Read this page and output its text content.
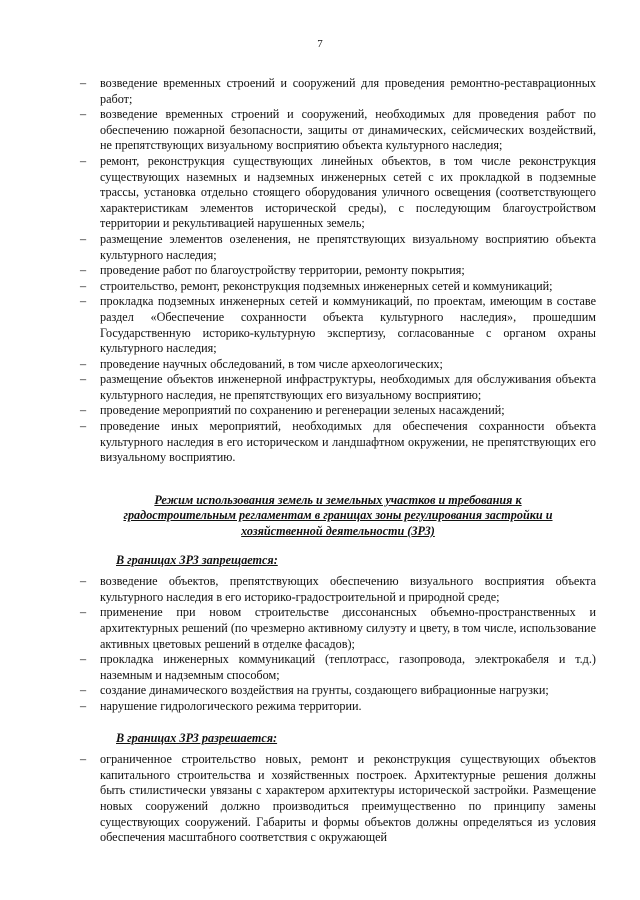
7
– возведение временных строений и сооружений для проведения ремонтно-реставрационных работ;
– возведение временных строений и сооружений, необходимых для проведения работ по обеспечению пожарной безопасности, защиты от динамических, сейсмических воздействий, не препятствующих визуальному восприятию объекта культурного наследия;
– ремонт, реконструкция существующих линейных объектов, в том числе реконструкция существующих наземных и надземных инженерных сетей с их прокладкой в подземные трассы, установка отдельно стоящего оборудования уличного освещения (соответствующего характеристикам элементов исторической среды), с последующим благоустройством территории и рекультивацией нарушенных земель;
– размещение элементов озеленения, не препятствующих визуальному восприятию объекта культурного наследия;
– проведение работ по благоустройству территории, ремонту покрытия;
– строительство, ремонт, реконструкция подземных инженерных сетей и коммуникаций;
– прокладка подземных инженерных сетей и коммуникаций, по проектам, имеющим в составе раздел «Обеспечение сохранности объекта культурного наследия», прошедшим Государственную историко-культурную экспертизу, согласованные с органом охраны культурного наследия;
– проведение научных обследований, в том числе археологических;
– размещение объектов инженерной инфраструктуры, необходимых для обслуживания объекта культурного наследия, не препятствующих его визуальному восприятию;
– проведение мероприятий по сохранению и регенерации зеленых насаждений;
– проведение иных мероприятий, необходимых для обеспечения сохранности объекта культурного наследия в его историческом и ландшафтном окружении, не препятствующих его визуальному восприятию.
Режим использования земель и земельных участков и требования к градостроительным регламентам в границах зоны регулирования застройки и хозяйственной деятельности (ЗРЗ)
В границах ЗРЗ запрещается:
– возведение объектов, препятствующих обеспечению визуального восприятия объекта культурного наследия в его историко-градостроительной и природной среде;
– применение при новом строительстве диссонансных объемно-пространственных и архитектурных решений (по чрезмерно активному силуэту и цвету, в том числе, использование активных цветовых решений в отделке фасадов);
– прокладка инженерных коммуникаций (теплотрасс, газопровода, электрокабеля и т.д.) наземным и надземным способом;
– создание динамического воздействия на грунты, создающего вибрационные нагрузки;
– нарушение гидрологического режима территории.
В границах ЗРЗ разрешается:
– ограниченное строительство новых, ремонт и реконструкция существующих объектов капитального строительства и хозяйственных построек. Архитектурные решения должны быть стилистически увязаны с характером архитектуры исторической застройки. Размещение новых сооружений должно производиться преимущественно по принципу замены существующих сооружений. Габариты и формы объектов должны определяться из условия обеспечения масштабного соответствия с окружающей
